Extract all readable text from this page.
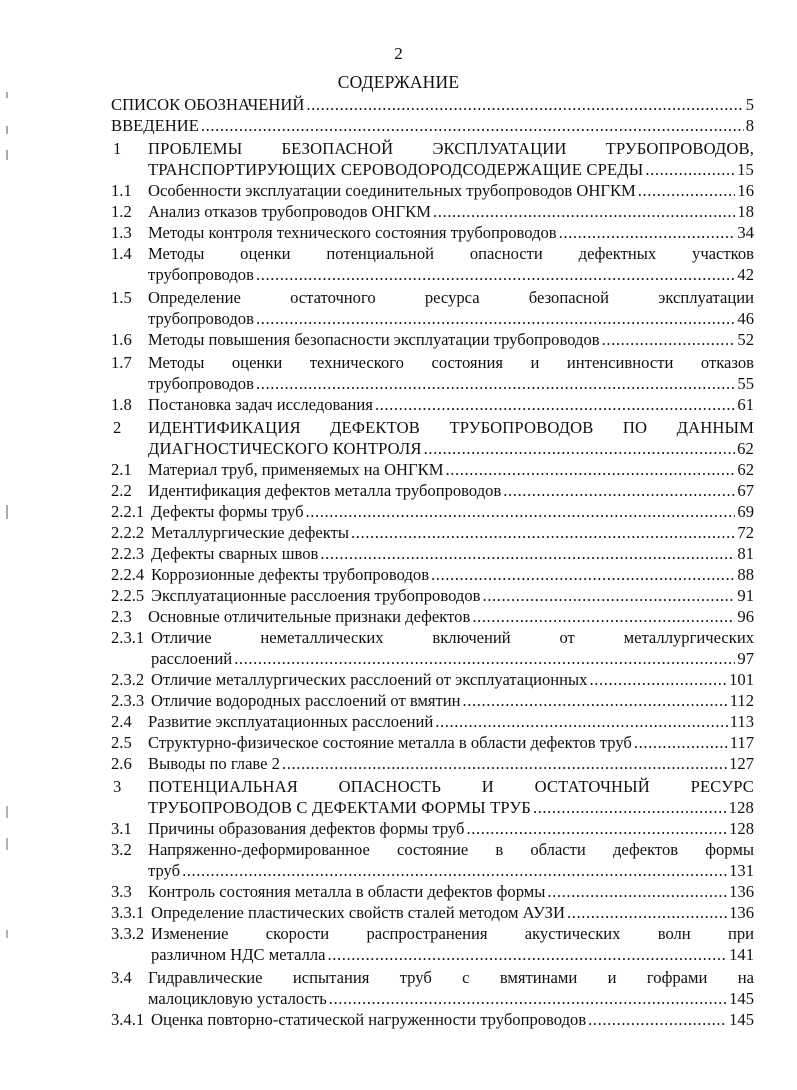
2
СОДЕРЖАНИЕ
СПИСОК ОБОЗНАЧЕНИЙ .....	5
ВВЕДЕНИЕ .....	8
1 ПРОБЛЕМЫ БЕЗОПАСНОЙ ЭКСПЛУАТАЦИИ ТРУБОПРОВОДОВ,
ТРАНСПОРТИРУЮЩИХ СЕРОВОДОРОДСОДЕРЖАЩИЕ СРЕДЫ .....	15
1.1 Особенности эксплуатации соединительных трубопроводов ОНГКМ .....	16
1.2 Анализ отказов трубопроводов ОНГКМ .....	18
1.3 Методы контроля технического состояния трубопроводов .....	34
1.4 Методы оценки потенциальной опасности дефектных участков
трубопроводов .....	42
1.5 Определение остаточного ресурса безопасной эксплуатации
трубопроводов .....	46
1.6 Методы повышения безопасности эксплуатации трубопроводов .....	52
1.7 Методы оценки технического состояния и интенсивности отказов
трубопроводов .....	55
1.8 Постановка задач исследования .....	61
2 ИДЕНТИФИКАЦИЯ ДЕФЕКТОВ ТРУБОПРОВОДОВ ПО ДАННЫМ
ДИАГНОСТИЧЕСКОГО КОНТРОЛЯ .....	62
2.1 Материал труб, применяемых на ОНГКМ .....	62
2.2 Идентификация дефектов металла трубопроводов .....	67
2.2.1 Дефекты формы труб .....	69
2.2.2 Металлургические дефекты .....	72
2.2.3 Дефекты сварных швов .....	81
2.2.4 Коррозионные дефекты трубопроводов .....	88
2.2.5 Эксплуатационные расслоения трубопроводов .....	91
2.3 Основные отличительные признаки дефектов .....	96
2.3.1 Отличие неметаллических включений от металлургических
расслоений .....	97
2.3.2 Отличие металлургических расслоений от эксплуатационных .....	101
2.3.3 Отличие водородных расслоений от вмятин .....	112
2.4 Развитие эксплуатационных расслоений .....	113
2.5 Структурно-физическое состояние металла в области дефектов труб .....	117
2.6 Выводы по главе 2 .....	127
3 ПОТЕНЦИАЛЬНАЯ ОПАСНОСТЬ И ОСТАТОЧНЫЙ РЕСУРС
ТРУБОПРОВОДОВ С ДЕФЕКТАМИ ФОРМЫ ТРУБ .....	128
3.1 Причины образования дефектов формы труб .....	128
3.2 Напряженно-деформированное состояние в области дефектов формы
труб .....	131
3.3 Контроль состояния металла в области дефектов формы .....	136
3.3.1 Определение пластических свойств сталей методом АУЗИ .....	136
3.3.2 Изменение скорости распространения акустических волн при
различном НДС металла .....	141
3.4 Гидравлические испытания труб с вмятинами и гофрами на
малоцикловую усталость .....	145
3.4.1 Оценка повторно-статической нагруженности трубопроводов .....	145
